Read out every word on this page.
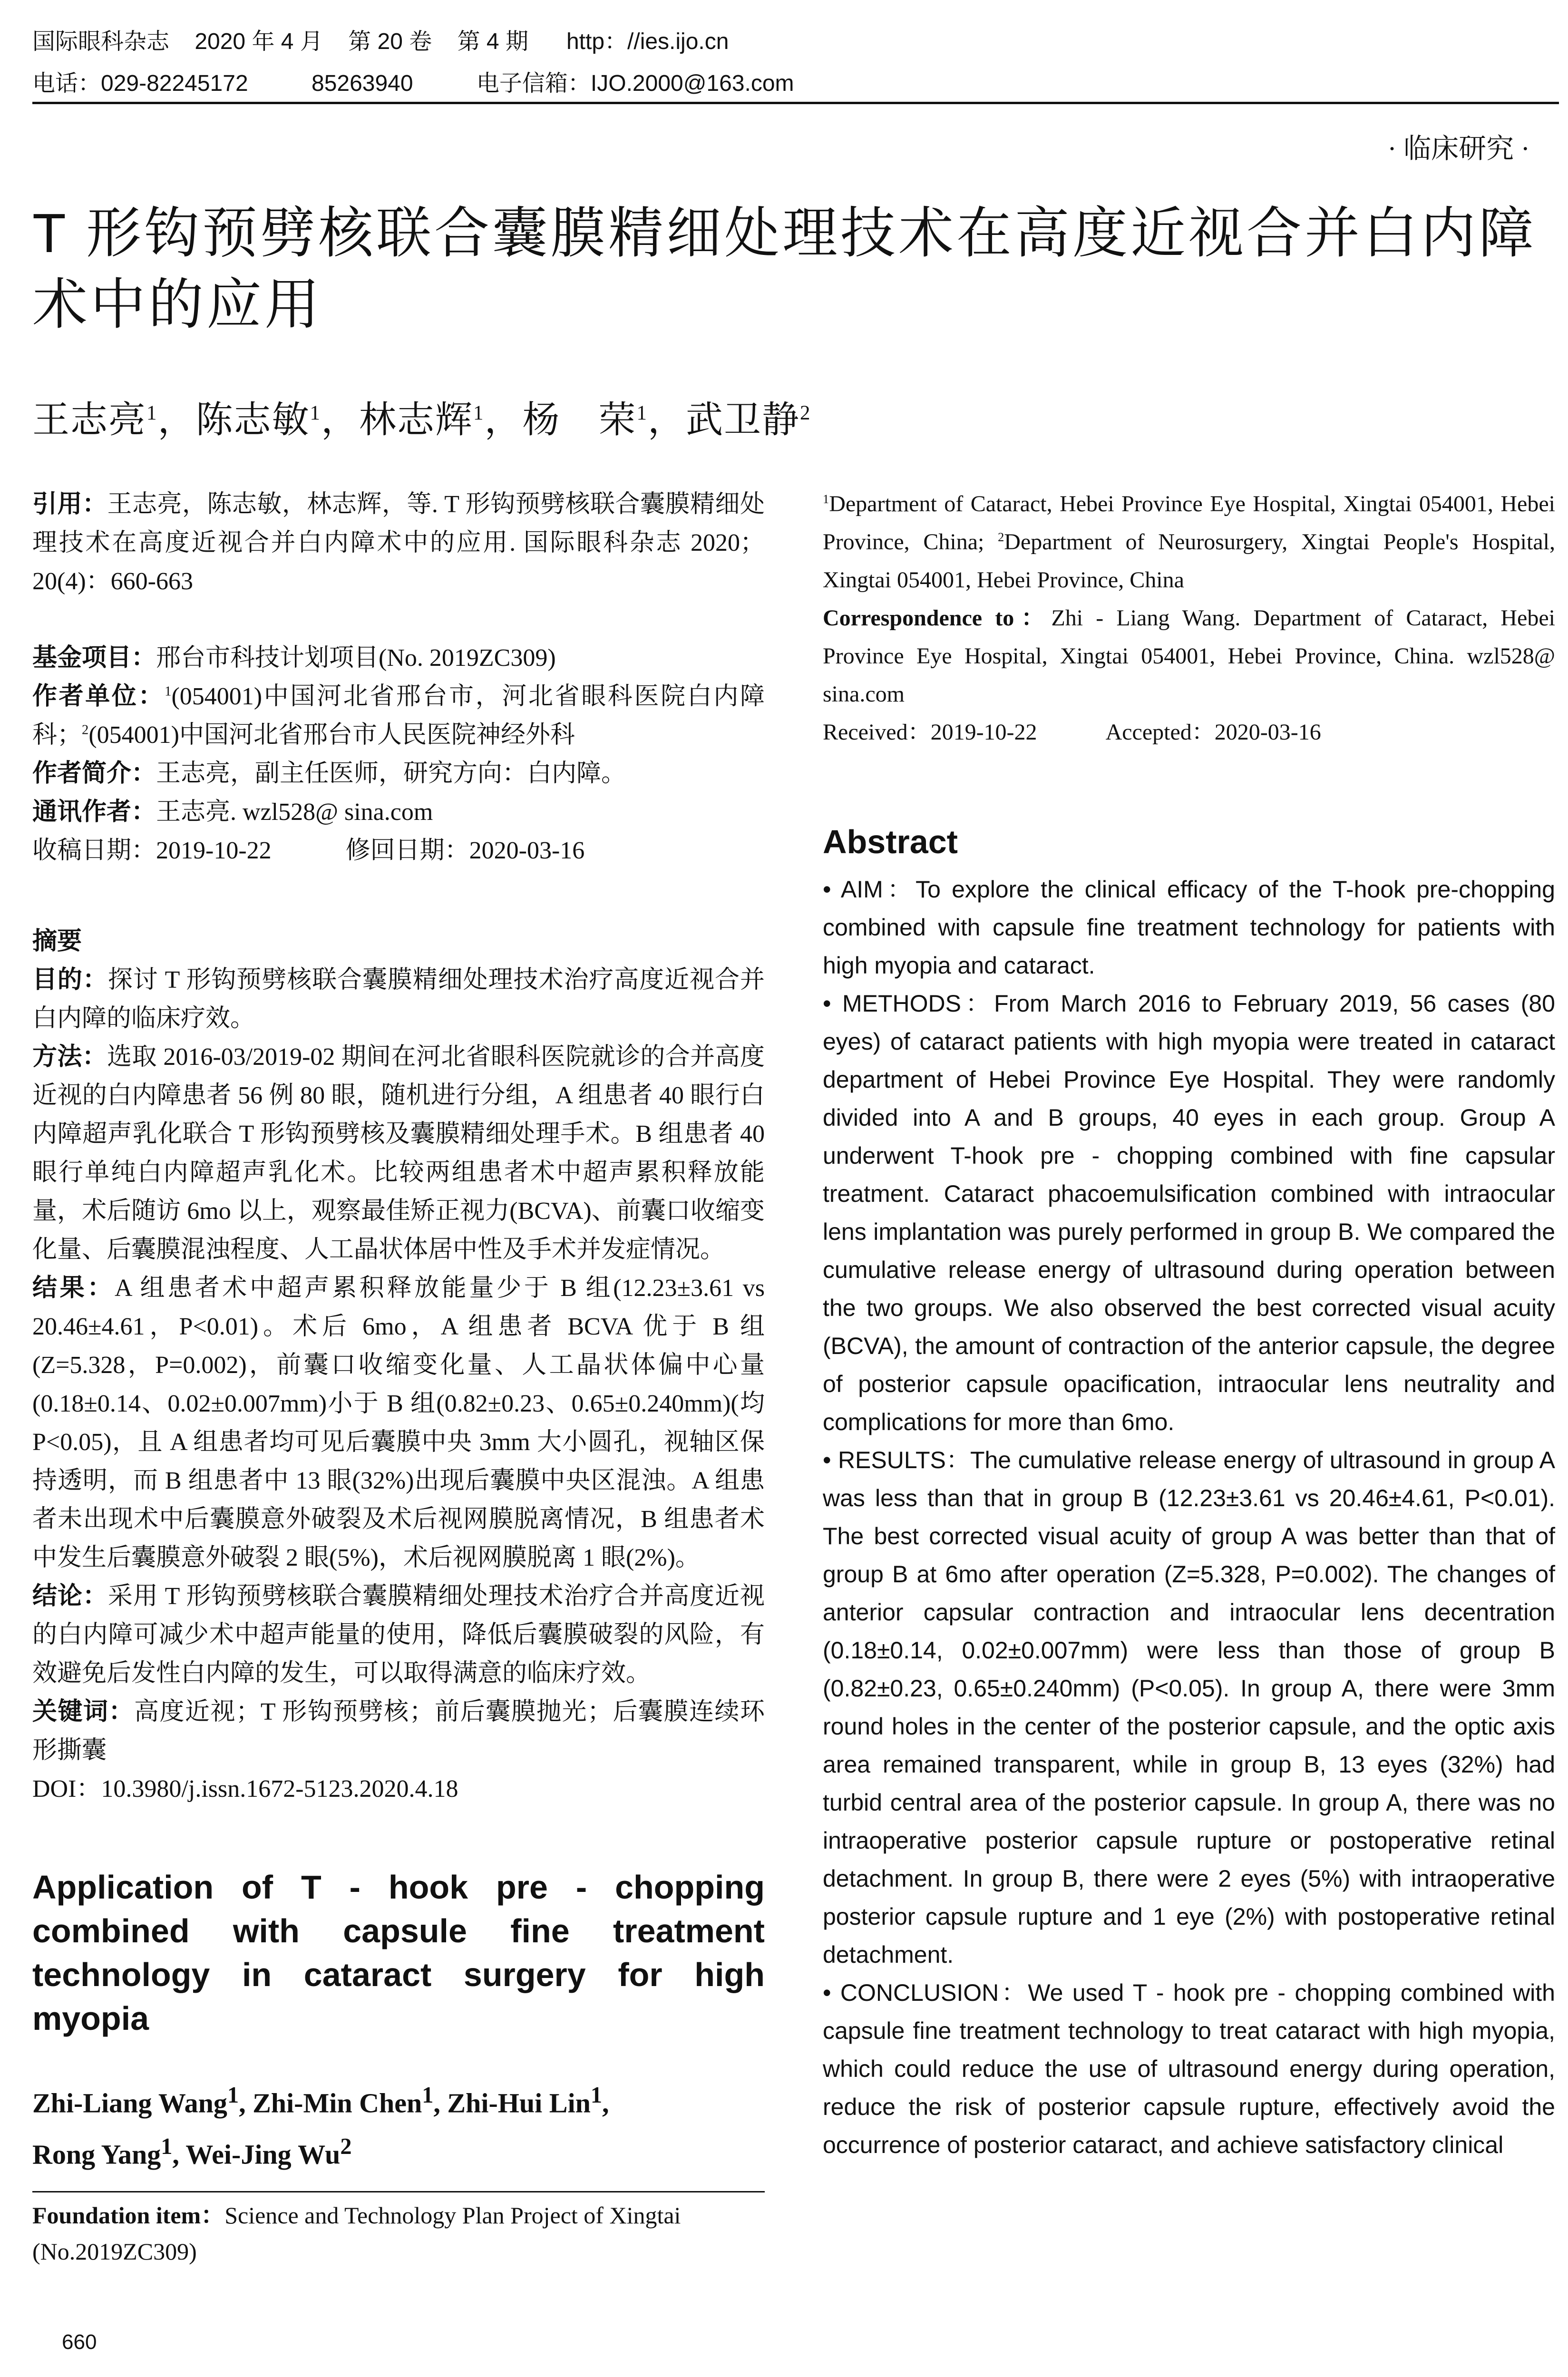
国际眼科杂志    2020 年 4 月    第 20 卷    第 4 期      http：//ies.ijo.cn
电话：029-82245172          85263940          电子信箱：IJO.2000@163.com
· 临床研究 ·
T 形钩预劈核联合囊膜精细处理技术在高度近视合并白内障术中的应用
王志亮$^1$，陈志敏$^1$，林志辉$^1$，杨　荣$^1$，武卫静$^2$

引用：王志亮，陈志敏，林志辉，等. T 形钩预劈核联合囊膜精细处理技术在高度近视合并白内障术中的应用. 国际眼科杂志 2020；20(4)：660-663

基金项目：邢台市科技计划项目(No. 2019ZC309)

作者单位：$^1$(054001)中国河北省邢台市，河北省眼科医院白内障科；$^2$(054001)中国河北省邢台市人民医院神经外科

作者简介：王志亮，副主任医师，研究方向：白内障。

通讯作者：王志亮. wzl528@ sina.com

收稿日期：2019-10-22　　　	修回日期：2020-03-16

摘要

目的：探讨 T 形钩预劈核联合囊膜精细处理技术治疗高度近视合并白内障的临床疗效。

方法：选取 2016-03/2019-02 期间在河北省眼科医院就诊的合并高度近视的白内障患者 56 例 80 眼，随机进行分组，A 组患者 40 眼行白内障超声乳化联合 T 形钩预劈核及囊膜精细处理手术。B 组患者 40 眼行单纯白内障超声乳化术。比较两组患者术中超声累积释放能量，术后随访 6mo 以上，观察最佳矫正视力(BCVA)、前囊口收缩变化量、后囊膜混浊程度、人工晶状体居中性及手术并发症情况。

结果：A 组患者术中超声累积释放能量少于 B 组(12.23±3.61 vs 20.46±4.61，P<0.01)。术后 6mo，A 组患者 BCVA 优于 B 组(Z=5.328，P=0.002)，前囊口收缩变化量、人工晶状体偏中心量(0.18±0.14、0.02±0.007mm)小于 B 组(0.82±0.23、0.65±0.240mm)(均 P<0.05)，且 A 组患者均可见后囊膜中央 3mm 大小圆孔，视轴区保持透明，而 B 组患者中 13 眼(32%)出现后囊膜中央区混浊。A 组患者未出现术中后囊膜意外破裂及术后视网膜脱离情况，B 组患者术中发生后囊膜意外破裂 2 眼(5%)，术后视网膜脱离 1 眼(2%)。

结论：采用 T 形钩预劈核联合囊膜精细处理技术治疗合并高度近视的白内障可减少术中超声能量的使用，降低后囊膜破裂的风险，有效避免后发性白内障的发生，可以取得满意的临床疗效。

关键词：高度近视；T 形钩预劈核；前后囊膜抛光；后囊膜连续环形撕囊

DOI：10.3980/j.issn.1672-5123.2020.4.18

Application of T - hook pre - chopping combined with capsule fine treatment technology in cataract surgery for high myopia
Zhi-Liang Wang$^1$, Zhi-Min Chen$^1$, Zhi-Hui Lin$^1$,
Rong Yang$^1$, Wei-Jing Wu$^2$

Foundation item：Science and Technology Plan Project of Xingtai (No.2019ZC309)

$^1$Department of Cataract, Hebei Province Eye Hospital, Xingtai 054001, Hebei Province, China; $^2$Department of Neurosurgery, Xingtai People's Hospital, Xingtai 054001, Hebei Province, China

Correspondence to：Zhi - Liang Wang. Department of Cataract, Hebei Province Eye Hospital, Xingtai 054001, Hebei Province, China. wzl528@ sina.com

Received：2019-10-22　　　	Accepted：2020-03-16

Abstract

• AIM：To explore the clinical efficacy of the T-hook pre-chopping combined with capsule fine treatment technology for patients with high myopia and cataract.

• METHODS：From March 2016 to February 2019, 56 cases (80 eyes) of cataract patients with high myopia were treated in cataract department of Hebei Province Eye Hospital. They were randomly divided into A and B groups, 40 eyes in each group. Group A underwent T-hook pre - chopping combined with fine capsular treatment. Cataract phacoemulsification combined with intraocular lens implantation was purely performed in group B. We compared the cumulative release energy of ultrasound during operation between the two groups. We also observed the best corrected visual acuity (BCVA), the amount of contraction of the anterior capsule, the degree of posterior capsule opacification, intraocular lens neutrality and complications for more than 6mo.

• RESULTS：The cumulative release energy of ultrasound in group A was less than that in group B (12.23±3.61 vs 20.46±4.61, P<0.01). The best corrected visual acuity of group A was better than that of group B at 6mo after operation (Z=5.328, P=0.002). The changes of anterior capsular contraction and intraocular lens decentration (0.18±0.14, 0.02±0.007mm) were less than those of group B (0.82±0.23, 0.65±0.240mm) (P<0.05). In group A, there were 3mm round holes in the center of the posterior capsule, and the optic axis area remained transparent, while in group B, 13 eyes (32%) had turbid central area of the posterior capsule. In group A, there was no intraoperative posterior capsule rupture or postoperative retinal detachment. In group B, there were 2 eyes (5%) with intraoperative posterior capsule rupture and 1 eye (2%) with postoperative retinal detachment.

• CONCLUSION：We used T - hook pre - chopping combined with capsule fine treatment technology to treat cataract with high myopia, which could reduce the use of ultrasound energy during operation, reduce the risk of posterior capsule rupture, effectively avoid the occurrence of posterior cataract, and achieve satisfactory clinical

660
